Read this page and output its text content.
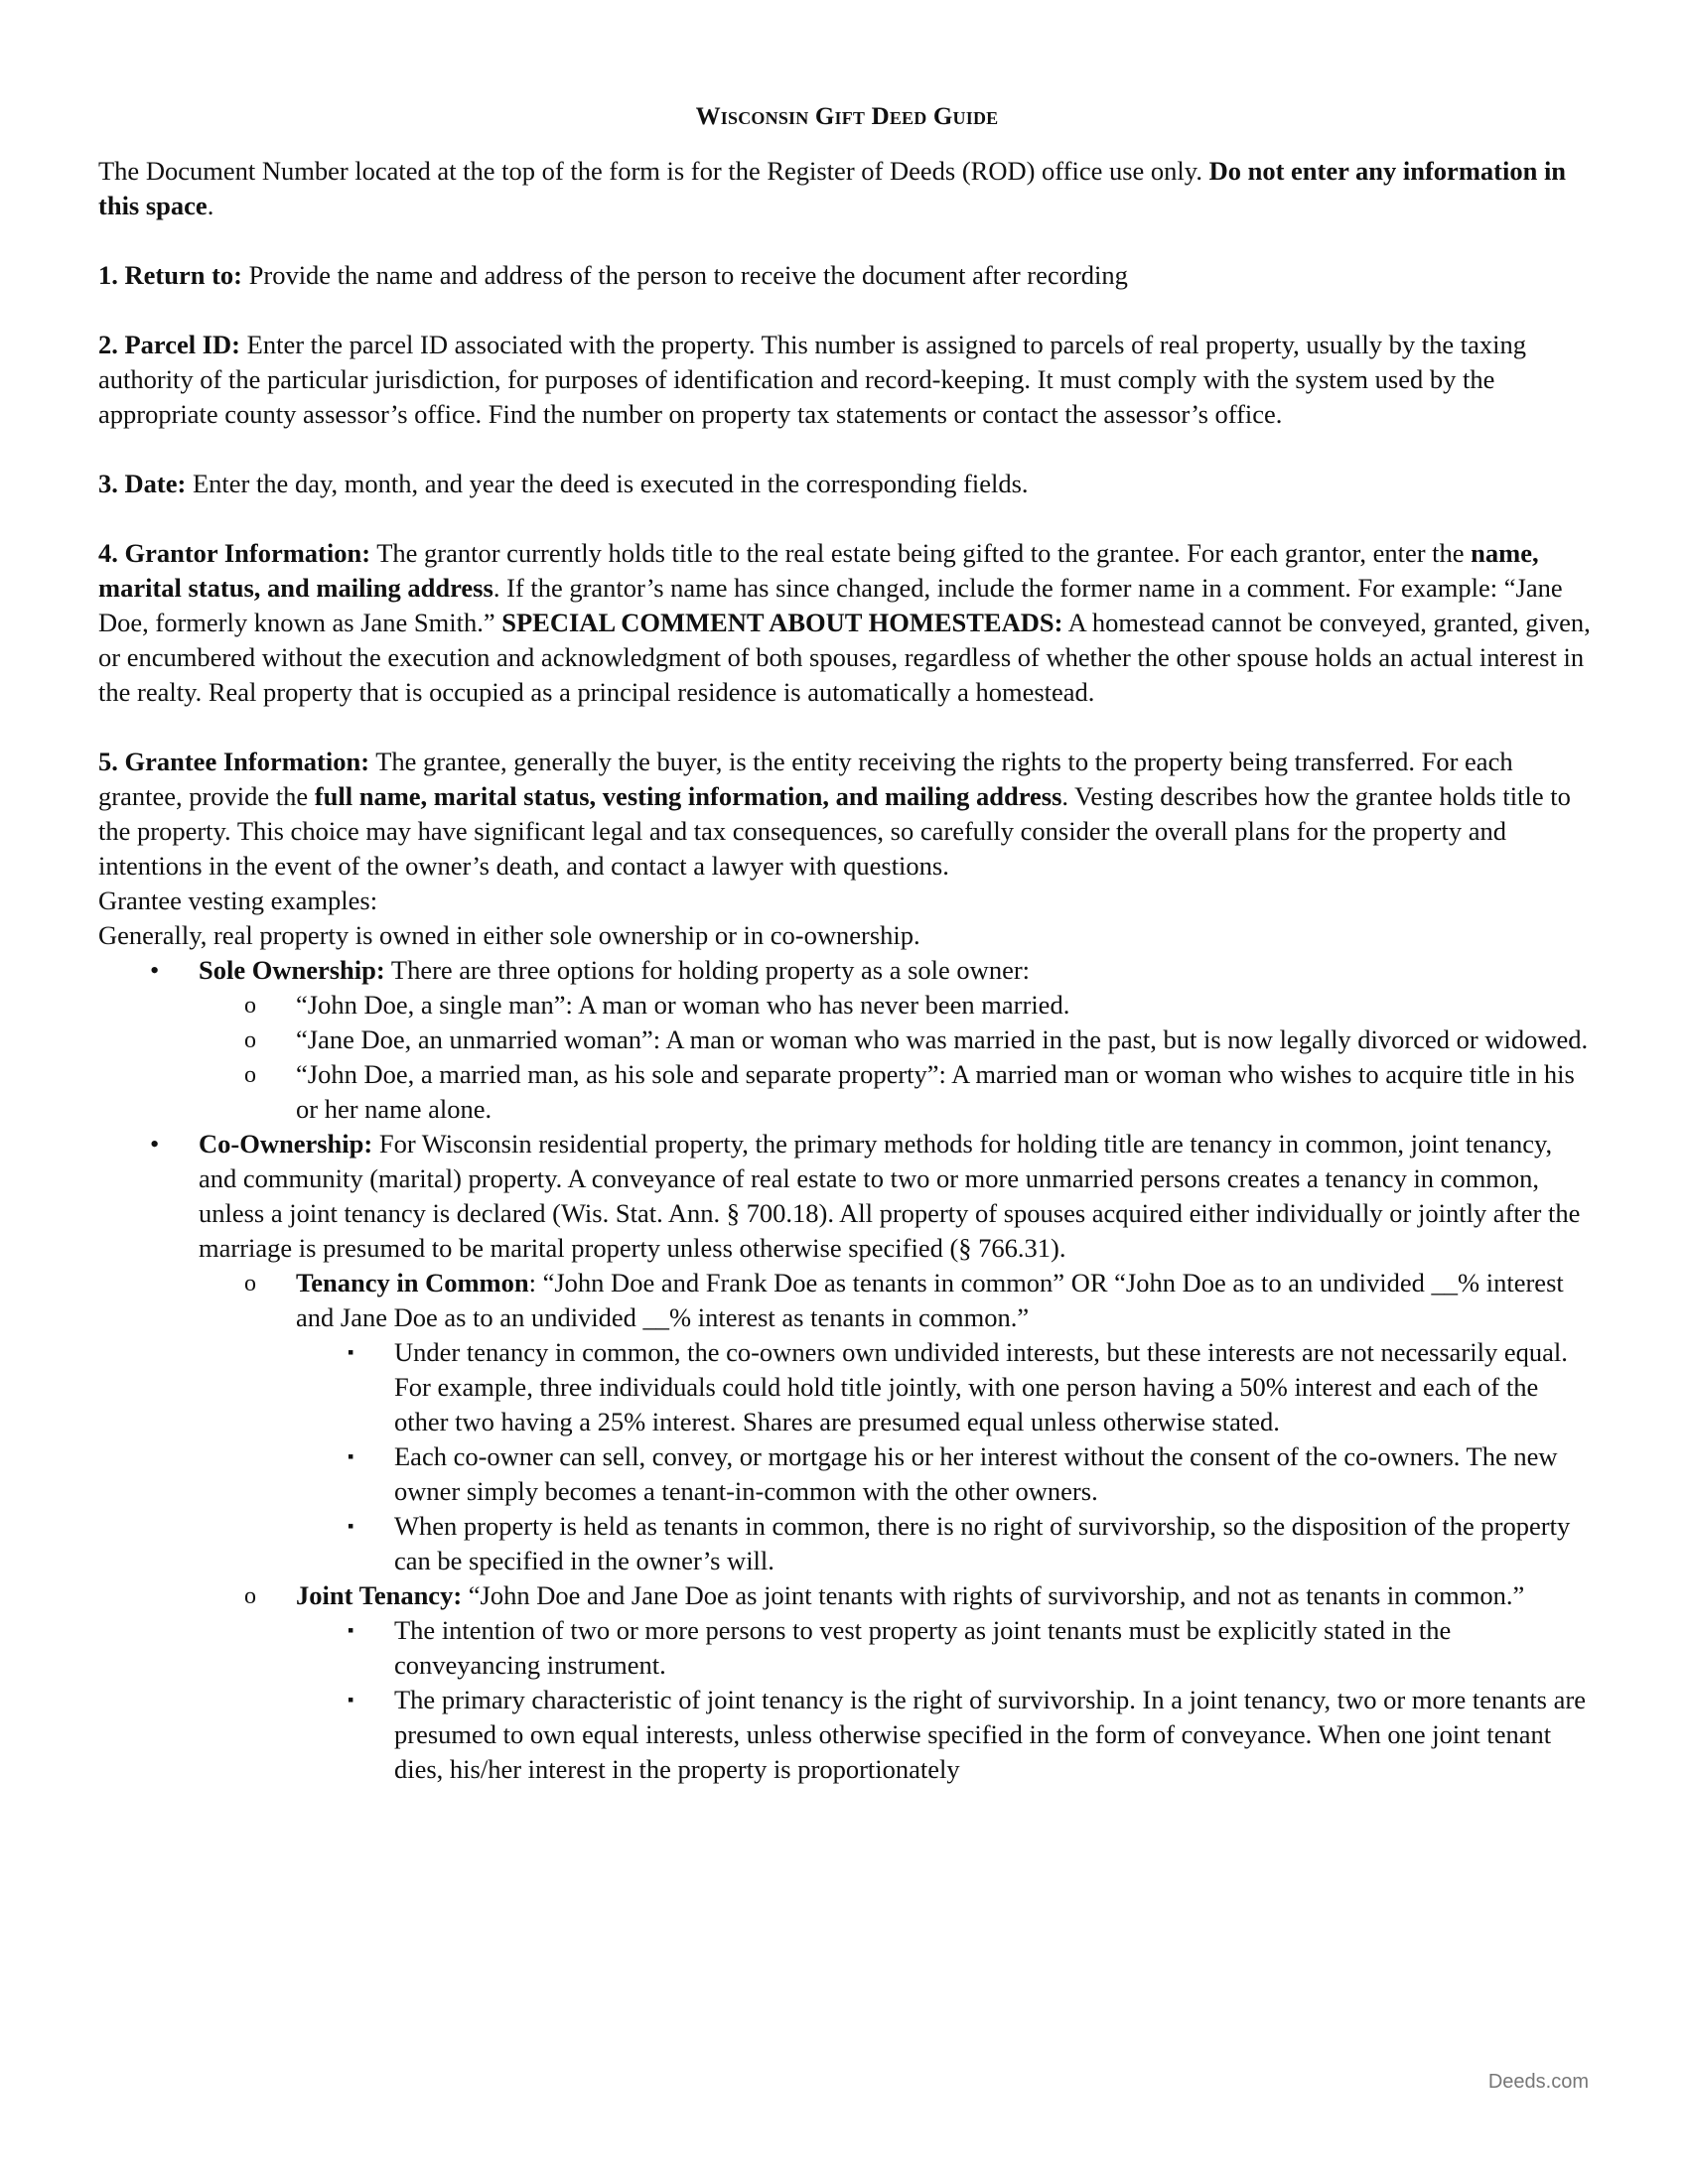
Wisconsin Gift Deed Guide

The Document Number located at the top of the form is for the Register of Deeds (ROD) office use only. Do not enter any information in this space.

1. Return to: Provide the name and address of the person to receive the document after recording

2. Parcel ID: Enter the parcel ID associated with the property. This number is assigned to parcels of real property, usually by the taxing authority of the particular jurisdiction, for purposes of identification and record-keeping. It must comply with the system used by the appropriate county assessor’s office. Find the number on property tax statements or contact the assessor’s office.

3. Date: Enter the day, month, and year the deed is executed in the corresponding fields.

4. Grantor Information: The grantor currently holds title to the real estate being gifted to the grantee. For each grantor, enter the name, marital status, and mailing address. If the grantor’s name has since changed, include the former name in a comment. For example: “Jane Doe, formerly known as Jane Smith.” SPECIAL COMMENT ABOUT HOMESTEADS: A homestead cannot be conveyed, granted, given, or encumbered without the execution and acknowledgment of both spouses, regardless of whether the other spouse holds an actual interest in the realty. Real property that is occupied as a principal residence is automatically a homestead.

5. Grantee Information: The grantee, generally the buyer, is the entity receiving the rights to the property being transferred. For each grantee, provide the full name, marital status, vesting information, and mailing address. Vesting describes how the grantee holds title to the property. This choice may have significant legal and tax consequences, so carefully consider the overall plans for the property and intentions in the event of the owner’s death, and contact a lawyer with questions.

Grantee vesting examples:

Generally, real property is owned in either sole ownership or in co-ownership.

• Sole Ownership: There are three options for holding property as a sole owner:
o “John Doe, a single man”: A man or woman who has never been married.
o “Jane Doe, an unmarried woman”: A man or woman who was married in the past, but is now legally divorced or widowed.
o “John Doe, a married man, as his sole and separate property”: A married man or woman who wishes to acquire title in his or her name alone.
• Co-Ownership: For Wisconsin residential property, the primary methods for holding title are tenancy in common, joint tenancy, and community (marital) property. A conveyance of real estate to two or more unmarried persons creates a tenancy in common, unless a joint tenancy is declared (Wis. Stat. Ann. § 700.18). All property of spouses acquired either individually or jointly after the marriage is presumed to be marital property unless otherwise specified (§ 766.31).
o Tenancy in Common: “John Doe and Frank Doe as tenants in common” OR “John Doe as to an undivided __% interest and Jane Doe as to an undivided __% interest as tenants in common.”
▪ Under tenancy in common, the co-owners own undivided interests, but these interests are not necessarily equal. For example, three individuals could hold title jointly, with one person having a 50% interest and each of the other two having a 25% interest. Shares are presumed equal unless otherwise stated.
▪ Each co-owner can sell, convey, or mortgage his or her interest without the consent of the co-owners. The new owner simply becomes a tenant-in-common with the other owners.
▪ When property is held as tenants in common, there is no right of survivorship, so the disposition of the property can be specified in the owner’s will.
o Joint Tenancy: “John Doe and Jane Doe as joint tenants with rights of survivorship, and not as tenants in common.”
▪ The intention of two or more persons to vest property as joint tenants must be explicitly stated in the conveyancing instrument.
▪ The primary characteristic of joint tenancy is the right of survivorship. In a joint tenancy, two or more tenants are presumed to own equal interests, unless otherwise specified in the form of conveyance. When one joint tenant dies, his/her interest in the property is proportionately
Deeds.com
